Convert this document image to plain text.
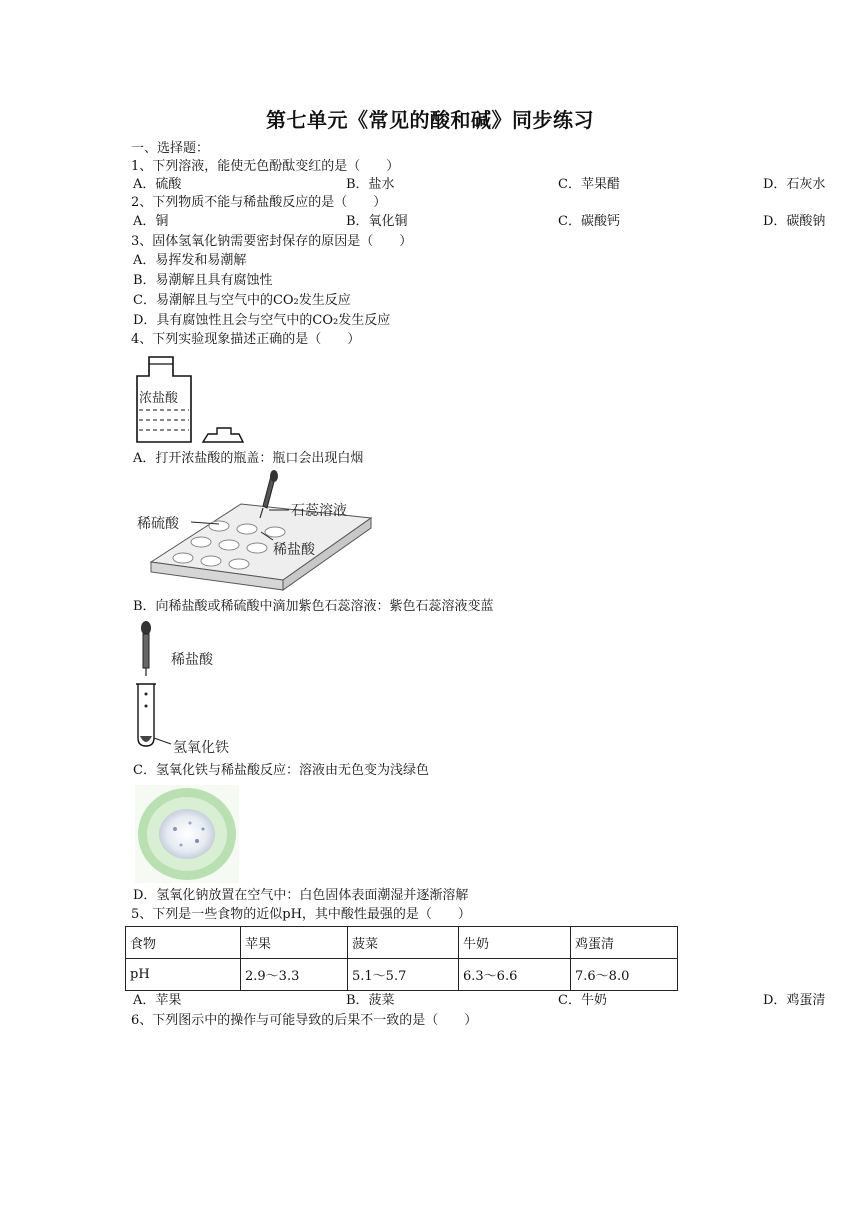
第七单元《常见的酸和碱》同步练习
一、选择题：
1、下列溶液，能使无色酚酞变红的是（　　）
A．硫酸	B．盐水	C．苹果醋	D．石灰水
2、下列物质不能与稀盐酸反应的是（　　）
A．铜	B．氧化铜	C．碳酸钙	D．碳酸钠
3、固体氢氧化钠需要密封保存的原因是（　　）
A．易挥发和易潮解
B．易潮解且具有腐蚀性
C．易潮解且与空气中的CO₂发生反应
D．具有腐蚀性且会与空气中的CO₂发生反应
4、下列实验现象描述正确的是（　　）
浓盐酸
A．打开浓盐酸的瓶盖：瓶口会出现白烟
稀硫酸
石蕊溶液
稀盐酸
B．向稀盐酸或稀硫酸中滴加紫色石蕊溶液：紫色石蕊溶液变蓝
稀盐酸
氢氧化铁
C．氢氧化铁与稀盐酸反应：溶液由无色变为浅绿色
D．氢氧化钠放置在空气中：白色固体表面潮湿并逐渐溶解
5、下列是一些食物的近似pH，其中酸性最强的是（　　）
食物	苹果	菠菜	牛奶	鸡蛋清
pH	2.9～3.3	5.1～5.7	6.3～6.6	7.6～8.0
A．苹果	B．菠菜	C．牛奶	D．鸡蛋清
6、下列图示中的操作与可能导致的后果不一致的是（　　）
